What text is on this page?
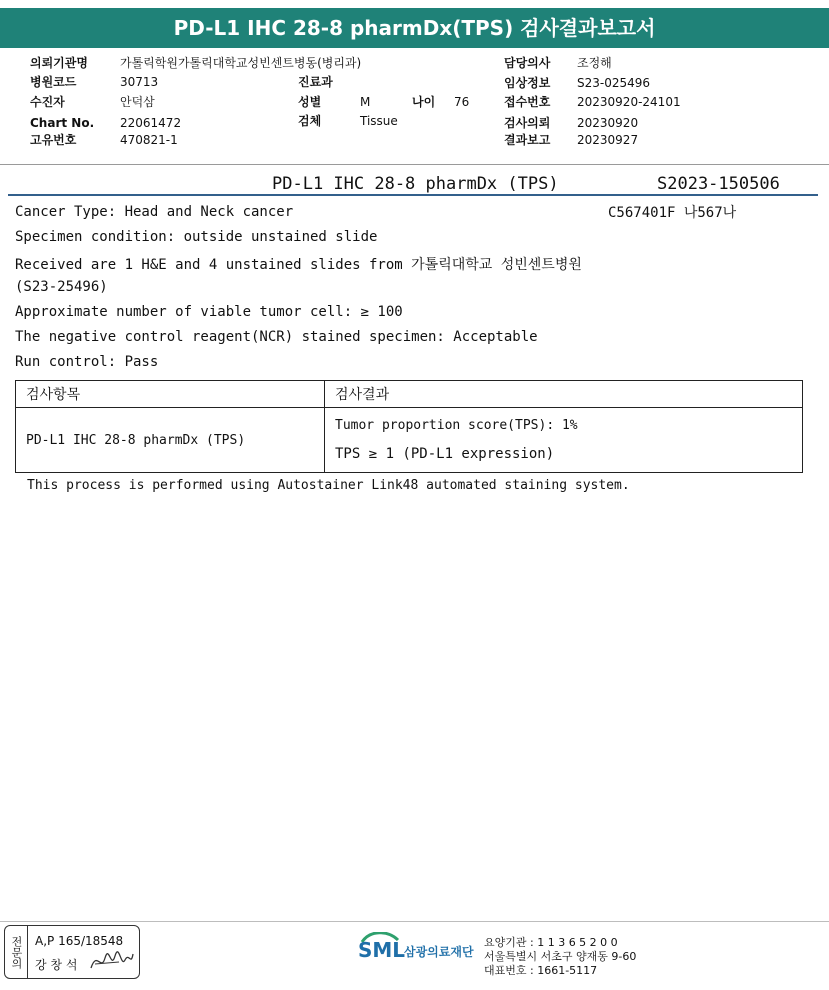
PD-L1 IHC 28-8 pharmDx(TPS) 검사결과보고서
의뢰기관명	가톨릭학원가톨릭대학교성빈센트병동(병리과)
병원코드	30713
수진자	안덕삼
Chart No. 22061472
고유번호	470821-1
진료과
성별	M	나이 76
검체	Tissue
담당의사 조정해
임상정보 S23-025496
접수번호 20230920-24101
검사의뢰 20230920
결과보고 20230927
PD-L1 IHC 28-8 pharmDx (TPS)	S2023-150506
C567401F 나567나
Cancer Type: Head and Neck cancer
Specimen condition: outside unstained slide
Received are 1 H&E and 4 unstained slides from 가톨릭대학교 성빈센트병원
(S23-25496)
Approximate number of viable tumor cell: ≥ 100
The negative control reagent(NCR) stained specimen: Acceptable
Run control: Pass
검사항목	검사결과
PD-L1 IHC 28-8 pharmDx (TPS)	Tumor proportion score(TPS): 1%
TPS ≥ 1 (PD-L1 expression)
This process is performed using Autostainer Link48 automated staining system.
전문의	A,P 165/18548
강 창 석
SML
삼광의료재단
요양기관 : 1 1 3 6 5 2 0 0
서울특별시 서초구 양재동 9-60
대표번호 : 1661-5117
